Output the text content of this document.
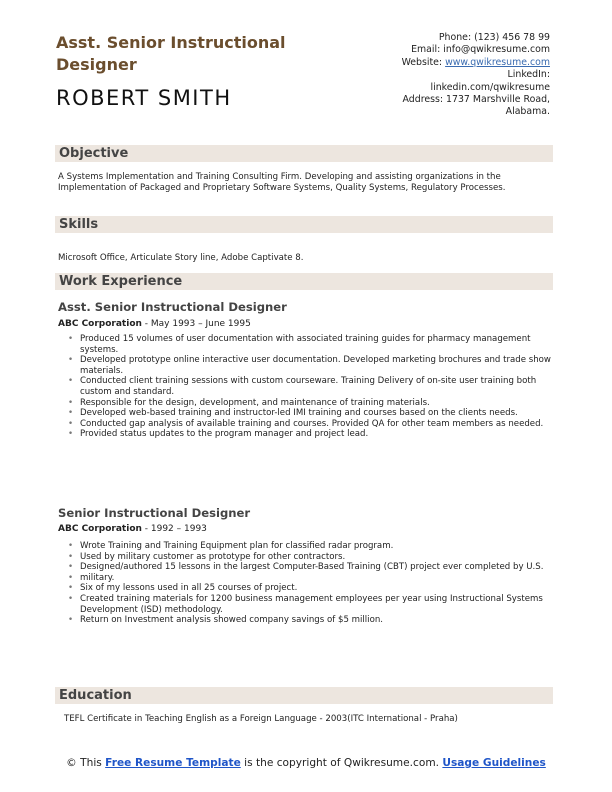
Asst. Senior Instructional Designer
ROBERT SMITH
Phone: (123) 456 78 99
Email: info@qwikresume.com
Website: www.qwikresume.com
LinkedIn:
linkedin.com/qwikresume
Address: 1737 Marshville Road,
Alabama.
Objective
A Systems Implementation and Training Consulting Firm. Developing and assisting organizations in the Implementation of Packaged and Proprietary Software Systems, Quality Systems, Regulatory Processes.
Skills
Microsoft Office, Articulate Story line, Adobe Captivate 8.
Work Experience
Asst. Senior Instructional Designer
ABC Corporation - May 1993 – June 1995
• Produced 15 volumes of user documentation with associated training guides for pharmacy management systems.
• Developed prototype online interactive user documentation. Developed marketing brochures and trade show materials.
• Conducted client training sessions with custom courseware. Training Delivery of on-site user training both custom and standard.
• Responsible for the design, development, and maintenance of training materials.
• Developed web-based training and instructor-led IMI training and courses based on the clients needs.
• Conducted gap analysis of available training and courses. Provided QA for other team members as needed.
• Provided status updates to the program manager and project lead.
Senior Instructional Designer
ABC Corporation - 1992 – 1993
• Wrote Training and Training Equipment plan for classified radar program.
• Used by military customer as prototype for other contractors.
• Designed/authored 15 lessons in the largest Computer-Based Training (CBT) project ever completed by U.S.
• military.
• Six of my lessons used in all 25 courses of project.
• Created training materials for 1200 business management employees per year using Instructional Systems Development (ISD) methodology.
• Return on Investment analysis showed company savings of $5 million.
Education
TEFL Certificate in Teaching English as a Foreign Language - 2003(ITC International - Praha)
© This Free Resume Template is the copyright of Qwikresume.com. Usage Guidelines
